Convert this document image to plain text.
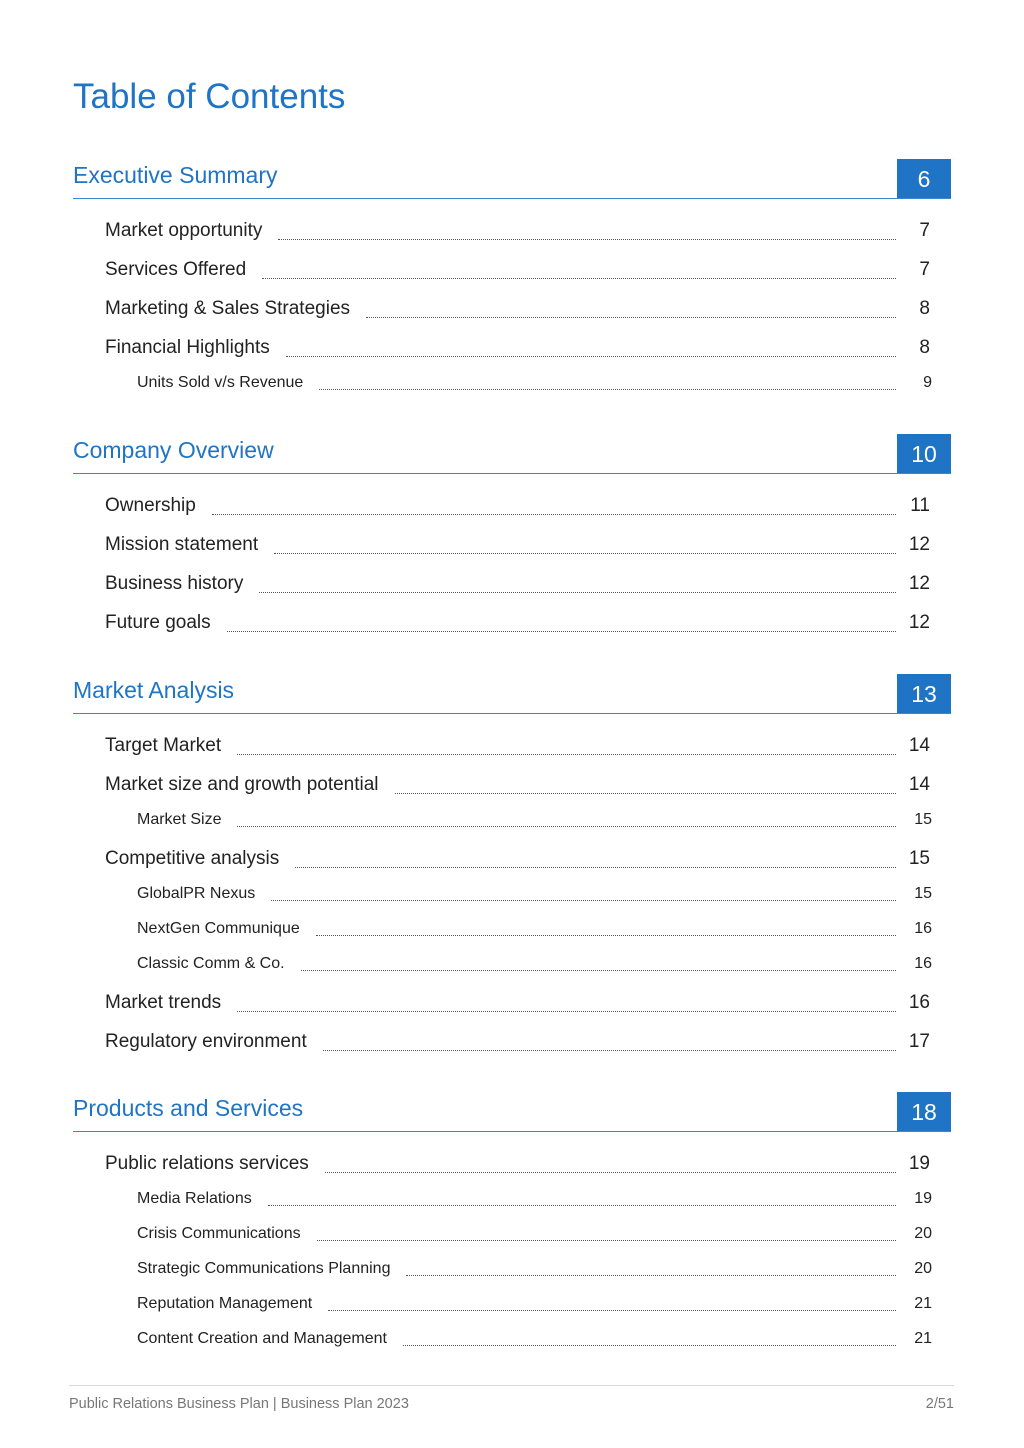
Table of Contents
Executive Summary	6
Market opportunity	7
Services Offered	7
Marketing & Sales Strategies	8
Financial Highlights	8
Units Sold v/s Revenue	9
Company Overview	10
Ownership	11
Mission statement	12
Business history	12
Future goals	12
Market Analysis	13
Target Market	14
Market size and growth potential	14
Market Size	15
Competitive analysis	15
GlobalPR Nexus	15
NextGen Communique	16
Classic Comm & Co.	16
Market trends	16
Regulatory environment	17
Products and Services	18
Public relations services	19
Media Relations	19
Crisis Communications	20
Strategic Communications Planning	20
Reputation Management	21
Content Creation and Management	21
Public Relations Business Plan | Business Plan 2023	2/51
